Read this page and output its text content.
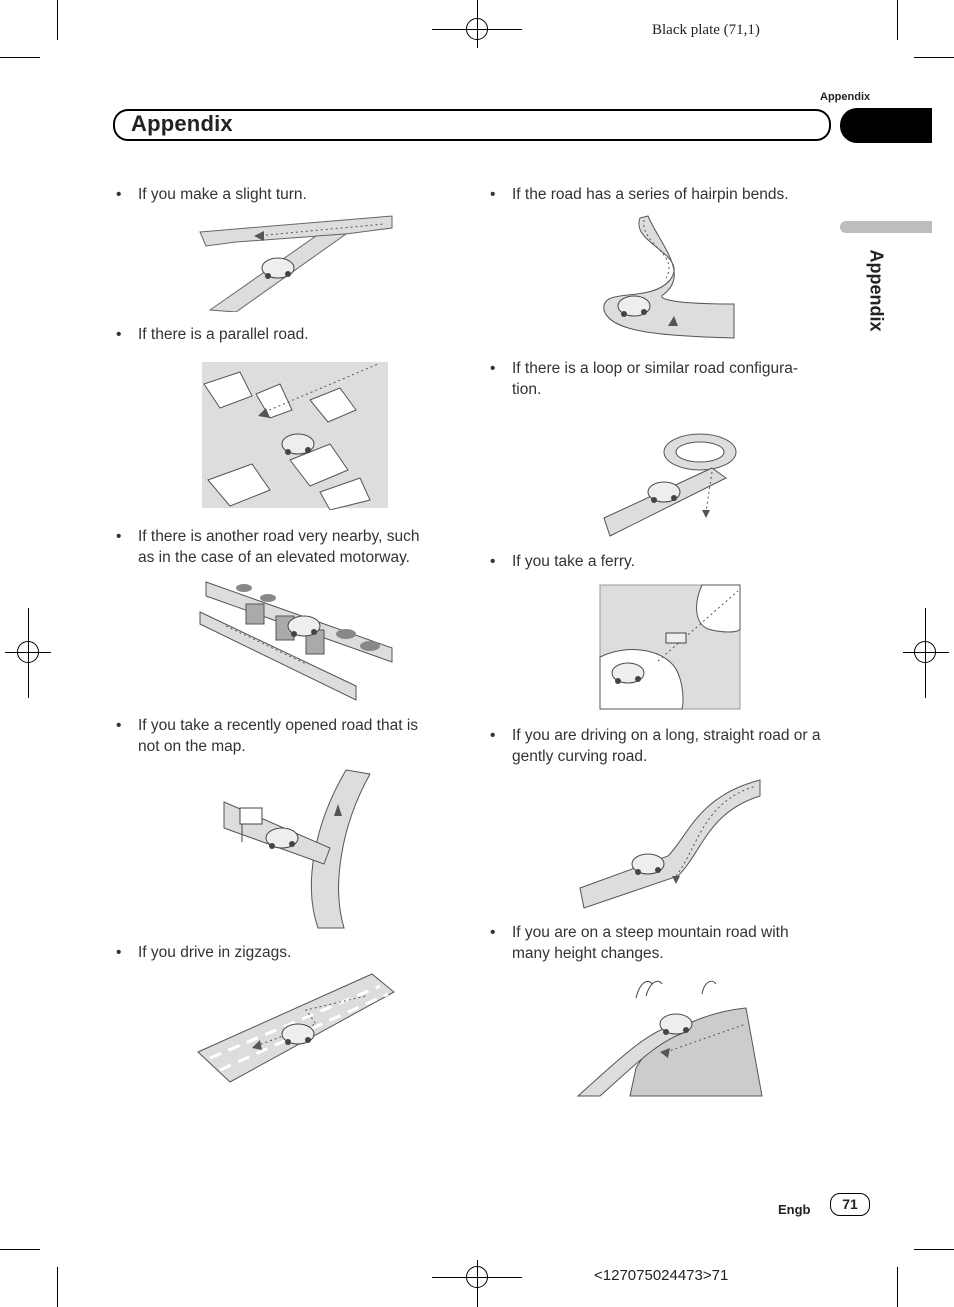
Black plate (71,1)
Appendix
Appendix
Appendix
• If you make a slight turn.
• If there is a parallel road.
• If there is another road very nearby, such as in the case of an elevated motorway.
• If you take a recently opened road that is not on the map.
• If you drive in zigzags.
• If the road has a series of hairpin bends.
• If there is a loop or similar road configura- tion.
• If you take a ferry.
• If you are driving on a long, straight road or a gently curving road.
• If you are on a steep mountain road with many height changes.
Engb	71
<127075024473>71
